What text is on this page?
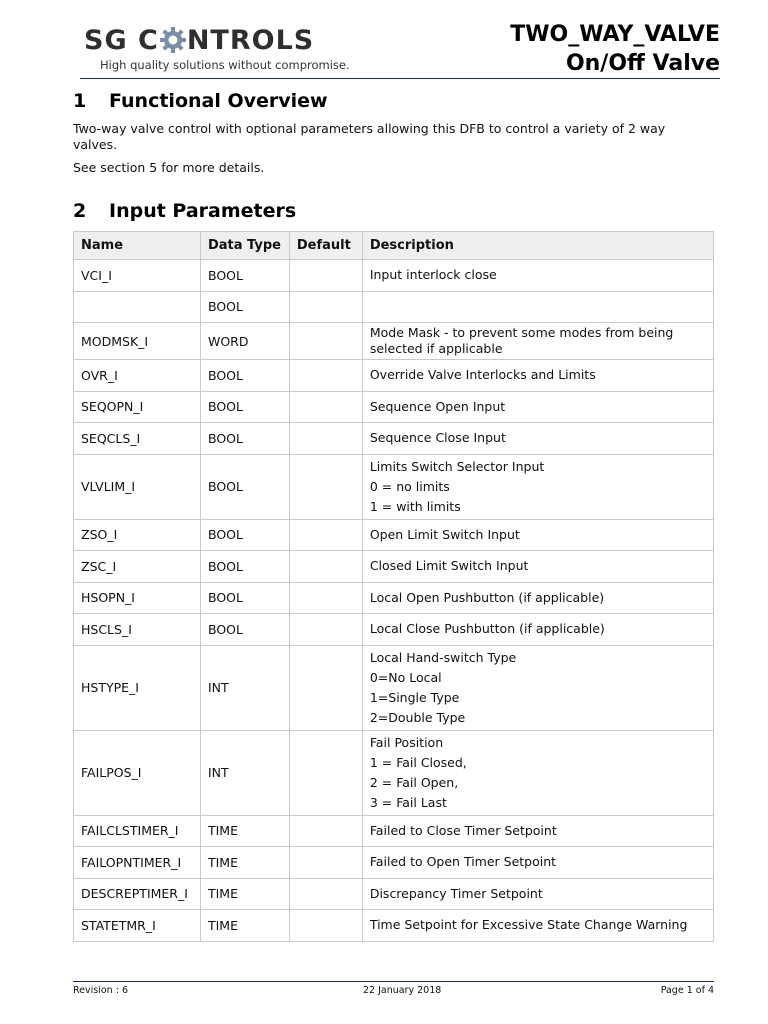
SG C NTROLS
High quality solutions without compromise.
TWO_WAY_VALVE
On/Off Valve
1 Functional Overview

Two-way valve control with optional parameters allowing this DFB to control a variety of 2 way valves.

See section 5 for more details.

2 Input Parameters
Name	Data Type	Default	Description
VCI_I	BOOL		Input interlock close
	BOOL		
MODMSK_I	WORD		Mode Mask - to prevent some modes from being selected if applicable
OVR_I	BOOL		Override Valve Interlocks and Limits
SEQOPN_I	BOOL		Sequence Open Input
SEQCLS_I	BOOL		Sequence Close Input
VLVLIM_I	BOOL		Limits Switch Selector Input
0 = no limits
1 = with limits

ZSO_I	BOOL		Open Limit Switch Input
ZSC_I	BOOL		Closed Limit Switch Input
HSOPN_I	BOOL		Local Open Pushbutton (if applicable)
HSCLS_I	BOOL		Local Close Pushbutton (if applicable)
HSTYPE_I	INT		Local Hand-switch Type
0=No Local
1=Single Type
2=Double Type

FAILPOS_I	INT		Fail Position
1 = Fail Closed,
2 = Fail Open,
3 = Fail Last

FAILCLSTIMER_I	TIME		Failed to Close Timer Setpoint
FAILOPNTIMER_I	TIME		Failed to Open Timer Setpoint
DESCREPTIMER_I	TIME		Discrepancy Timer Setpoint
STATETMR_I	TIME		Time Setpoint for Excessive State Change Warning
Revision : 6	22 January 2018	Page 1 of 4
